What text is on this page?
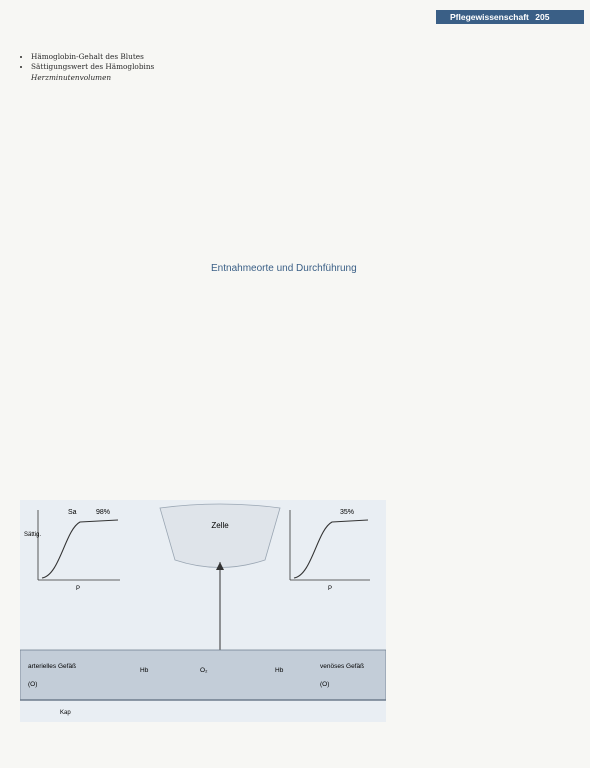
Pflegewissenschaft 205
• Hämoglobin-Gehalt des Blutes
• Sättigungswert des Hämoglobins
Herzminutenvolumen
Entnahmeorte und Durchführung
Zelle
Sa	98%
Sättig.
P
35%
P
arterielles Gefäß
(O)
venöses Gefäß
(O)
Hb	Hb
O₂
Kap
